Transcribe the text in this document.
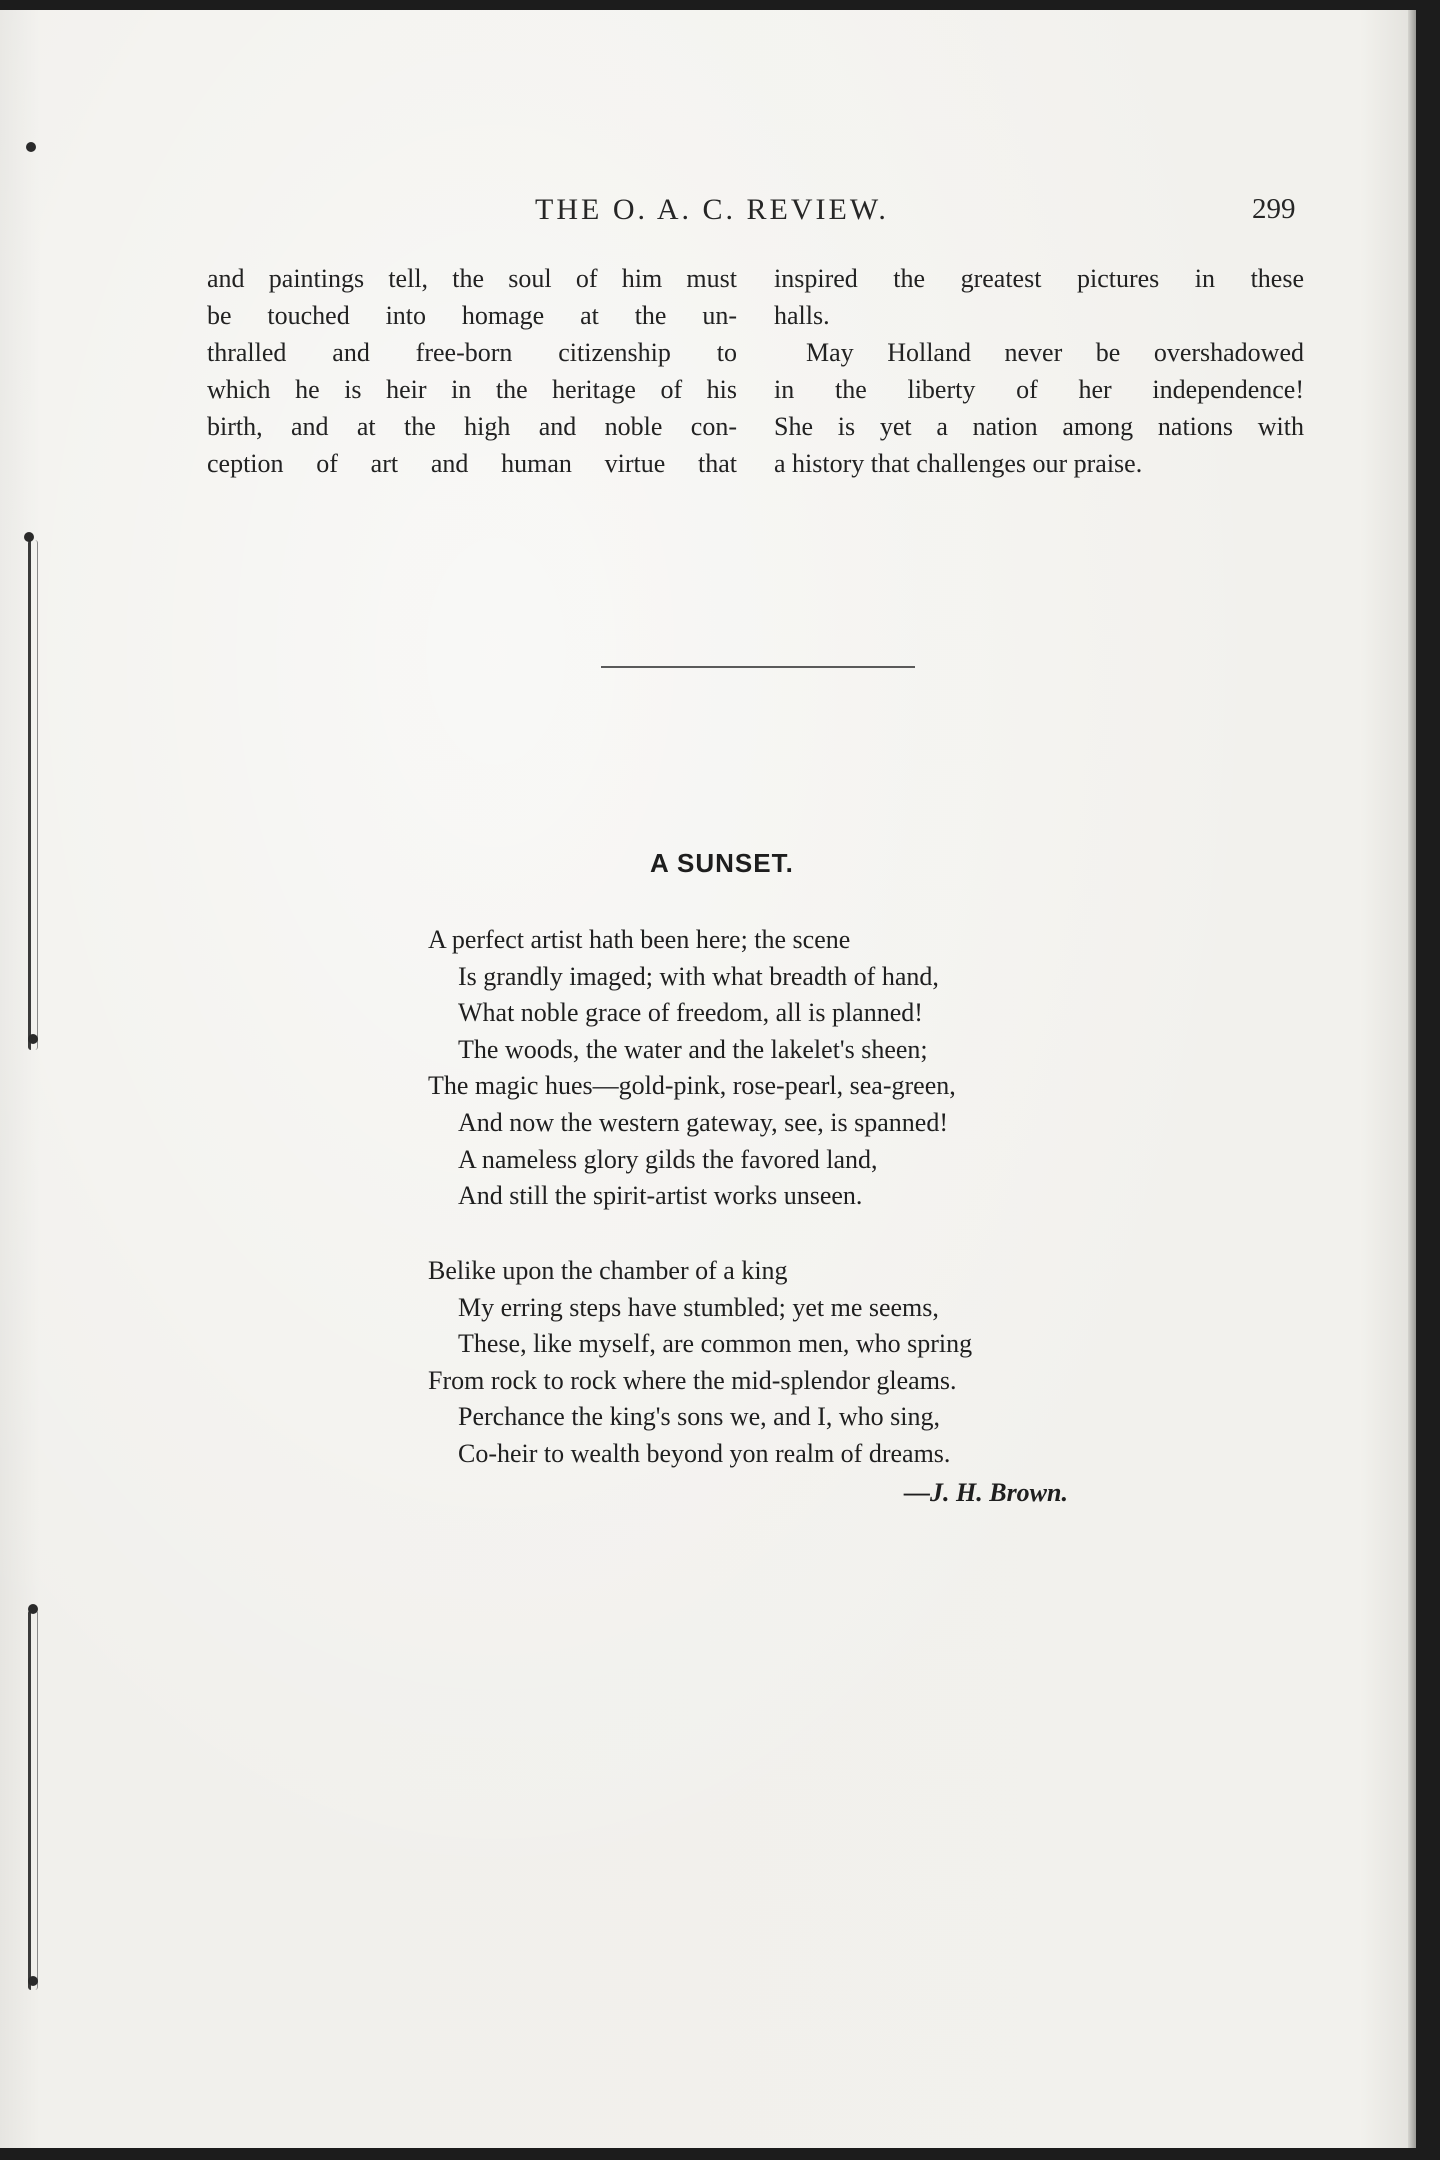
THE O. A. C. REVIEW.	299
and paintings tell, the soul of him must
be touched into homage at the un-
thralled and free-born citizenship to
which he is heir in the heritage of his
birth, and at the high and noble con-
ception of art and human virtue that
inspired the greatest pictures in these
halls.
May Holland never be overshadowed
in the liberty of her independence!
She is yet a nation among nations with
a history that challenges our praise.
A SUNSET.
A perfect artist hath been here; the scene
Is grandly imaged; with what breadth of hand,
What noble grace of freedom, all is planned!
The woods, the water and the lakelet's sheen;
The magic hues—gold-pink, rose-pearl, sea-green,
And now the western gateway, see, is spanned!
A nameless glory gilds the favored land,
And still the spirit-artist works unseen.
Belike upon the chamber of a king
My erring steps have stumbled; yet me seems,
These, like myself, are common men, who spring
From rock to rock where the mid-splendor gleams.
Perchance the king's sons we, and I, who sing,
Co-heir to wealth beyond yon realm of dreams.
—J. H. Brown.
